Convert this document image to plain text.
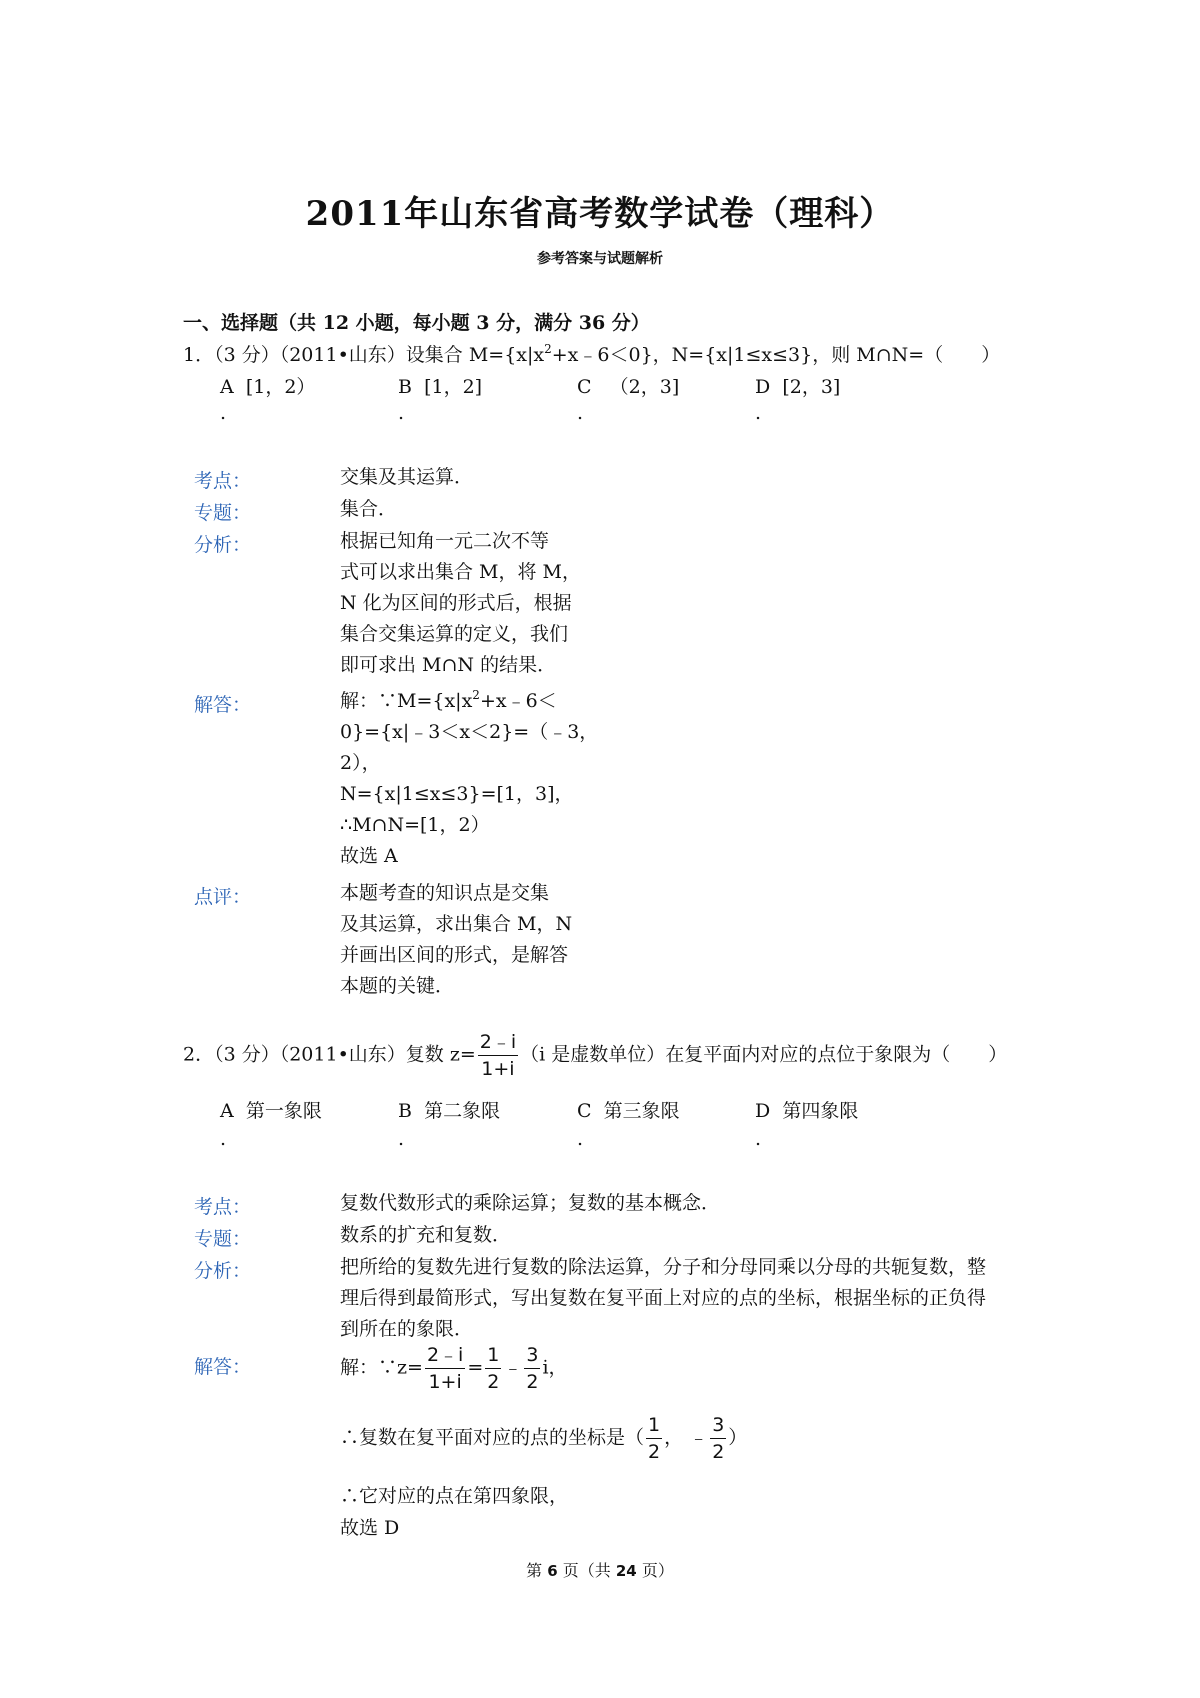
2011年山东省高考数学试卷（理科）
参考答案与试题解析
一、选择题（共 12 小题，每小题 3 分，满分 36 分）
1．（3 分）（2011•山东）设集合 $M=\{x|x^2+x﹣6<0\}$，N={x|1≤x≤3}，则 M∩N=（　　）
A [1，2）	B [1，2]	C （2，3]	D [2，3]
.	.	.	.
考点：	交集及其运算．
专题：	集合．
分析：	根据已知角一元二次不等
式可以求出集合 M，将 M，
N 化为区间的形式后，根据
集合交集运算的定义，我们
即可求出 M∩N 的结果．
解答：	解：$\because M=\{x|x^2+x﹣6<$
0}={x|﹣3＜x＜2}=（﹣3，
2），
N={x|1≤x≤3}=[1，3]，
∴M∩N=[1，2）
故选 A
点评：	本题考查的知识点是交集
及其运算，求出集合 M，N
并画出区间的形式，是解答
本题的关键．
2．（3 分）（2011•山东）复数 $z= \frac{2﹣i}{1+i} (i$ 是虚数单位）在复平面内对应的点位于象限为（　　）
A 第一象限	B 第二象限	C 第三象限	D 第四象限
.	.	.	.
考点：	复数代数形式的乘除运算；复数的基本概念．
专题：	数系的扩充和复数．
分析：	把所给的复数先进行复数的除法运算，分子和分母同乘以分母的共轭复数，整
理后得到最简形式，写出复数在复平面上对应的点的坐标，根据坐标的正负得
到所在的象限．
解答：	解：∵z= $\frac{2﹣i}{1+i} = \frac{1}{2}$ ﹣ $\frac{3}{2}$ i，
∴复数在复平面对应的点的坐标是（ $\frac{1}{2}$ ， ﹣ $\frac{3}{2}$ ）
∴它对应的点在第四象限，
故选 D
第 6 页（共 24 页）
